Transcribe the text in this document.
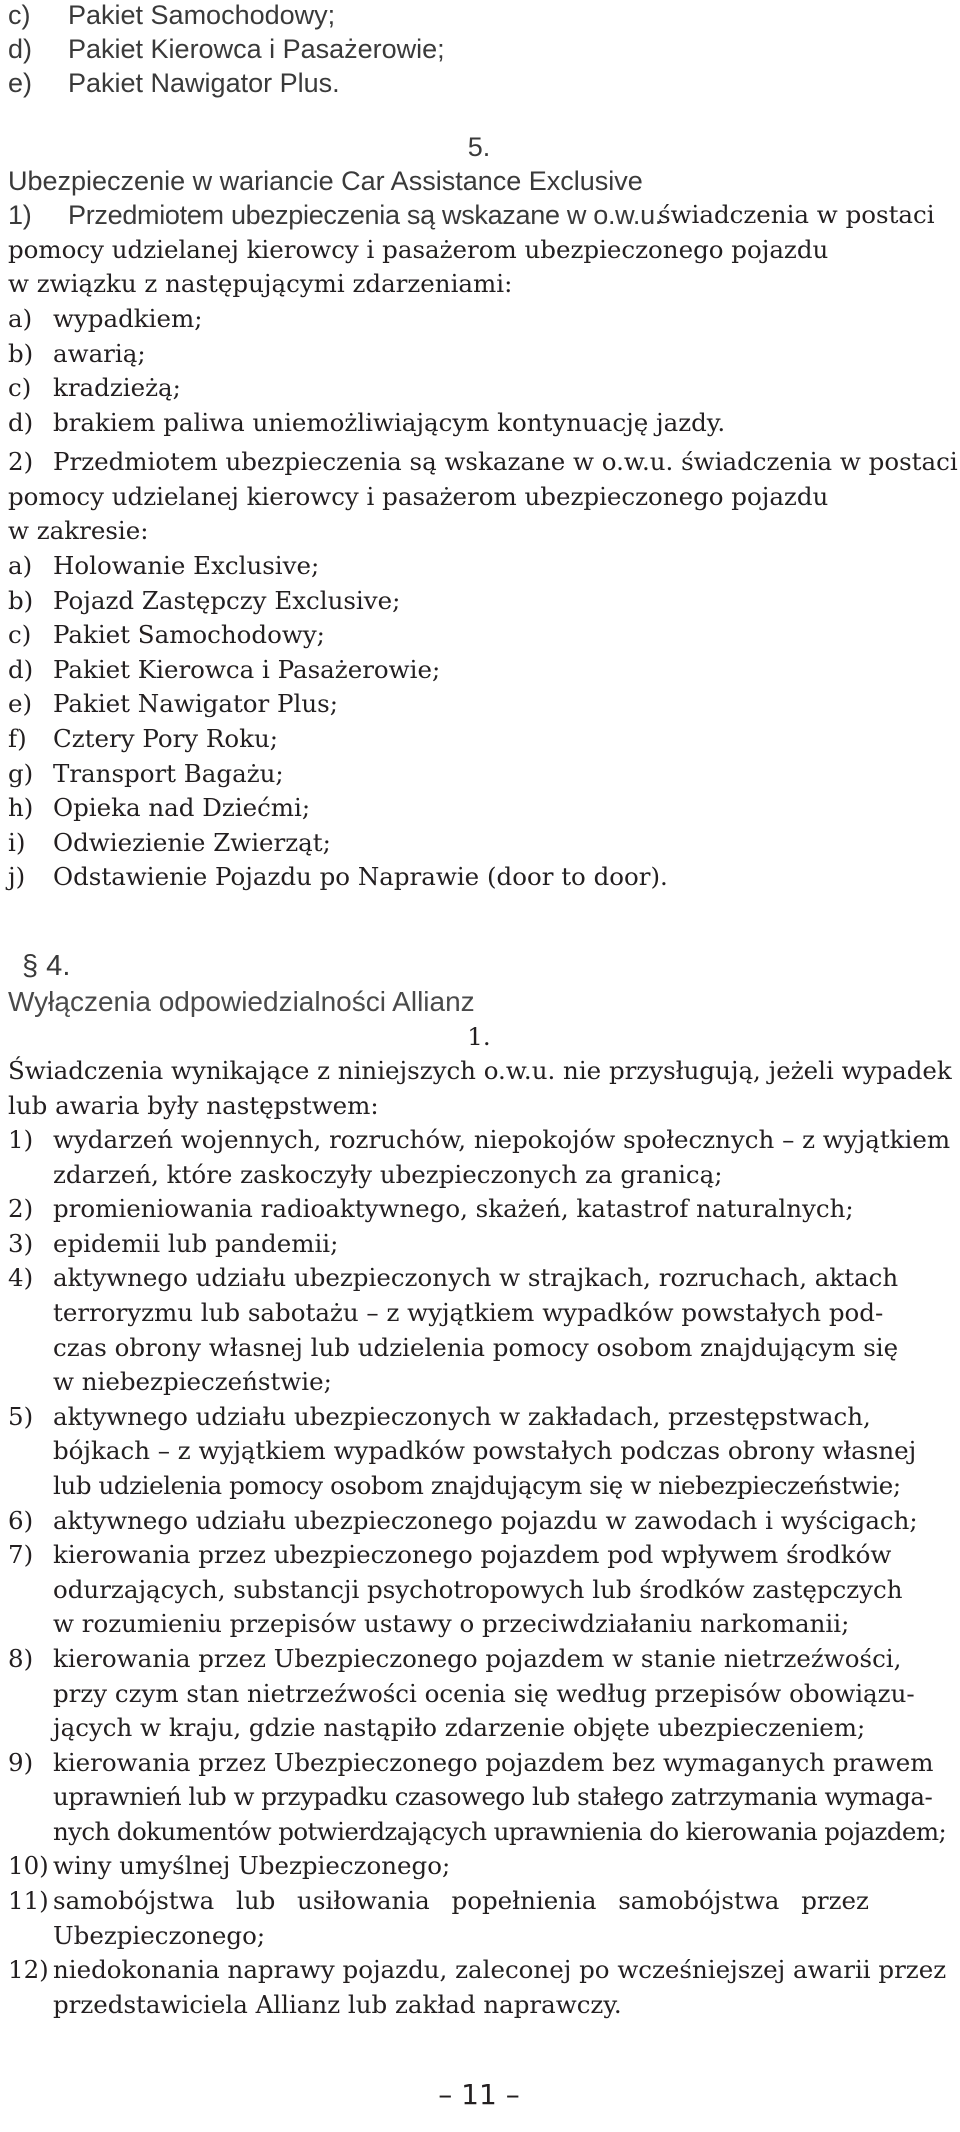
c)	Pakiet Samochodowy;
d)	Pakiet Kierowca i Pasażerowie;
e)	Pakiet Nawigator Plus.
5.
Ubezpieczenie w wariancie Car Assistance Exclusive
1)	Przedmiotem ubezpieczenia są wskazane w o.w.u.
świadczenia w postaci
pomocy udzielanej kierowcy i pasażerom ubezpieczonego pojazdu
w związku z następującymi zdarzeniami:
a) wypadkiem;
b) awarią;
c) kradzieżą;
d) brakiem paliwa uniemożliwiającym kontynuację jazdy.
2) Przedmiotem ubezpieczenia są wskazane w o.w.u. świadczenia w postaci
pomocy udzielanej kierowcy i pasażerom ubezpieczonego pojazdu
w zakresie:
a) Holowanie Exclusive;
b) Pojazd Zastępczy Exclusive;
c) Pakiet Samochodowy;
d) Pakiet Kierowca i Pasażerowie;
e) Pakiet Nawigator Plus;
f)	Cztery Pory Roku;
g) Transport Bagażu;
h) Opieka nad Dziećmi;
i)	Odwiezienie Zwierząt;
j)	Odstawienie Pojazdu po Naprawie (door to door).
§ 4.
Wyłączenia odpowiedzialności Allianz
1.
Świadczenia wynikające z niniejszych o.w.u. nie przysługują, jeżeli wypadek
lub awaria były następstwem:
1) wydarzeń wojennych, rozruchów, niepokojów społecznych – z wyjątkiem
zdarzeń, które zaskoczyły ubezpieczonych za granicą;
2) promieniowania radioaktywnego, skażeń, katastrof naturalnych;
3) epidemii lub pandemii;
4) aktywnego udziału ubezpieczonych w strajkach, rozruchach, aktach
terroryzmu lub sabotażu – z wyjątkiem wypadków powstałych pod-
czas obrony własnej lub udzielenia pomocy osobom znajdującym się
w niebezpieczeństwie;
5) aktywnego udziału ubezpieczonych w zakładach, przestępstwach,
bójkach – z wyjątkiem wypadków powstałych podczas obrony własnej
lub udzielenia pomocy osobom znajdującym się w niebezpieczeństwie;
6) aktywnego udziału ubezpieczonego pojazdu w zawodach i wyścigach;
7) kierowania przez ubezpieczonego pojazdem pod wpływem środków
odurzających, substancji psychotropowych lub środków zastępczych
w rozumieniu przepisów ustawy o przeciwdziałaniu narkomanii;
8) kierowania przez Ubezpieczonego pojazdem w stanie nietrzeźwości,
przy czym stan nietrzeźwości ocenia się według przepisów obowiązu-
jących w kraju, gdzie nastąpiło zdarzenie objęte ubezpieczeniem;
9) kierowania przez Ubezpieczonego pojazdem bez wymaganych prawem
uprawnień lub w przypadku czasowego lub stałego zatrzymania wymaga-
nych dokumentów potwierdzających uprawnienia do kierowania pojazdem;
10) winy umyślnej Ubezpieczonego;
11) samobójstwa lub usiłowania popełnienia samobójstwa przez
Ubezpieczonego;
12) niedokonania naprawy pojazdu, zaleconej po wcześniejszej awarii przez
przedstawiciela Allianz lub zakład naprawczy.
– 11 –
